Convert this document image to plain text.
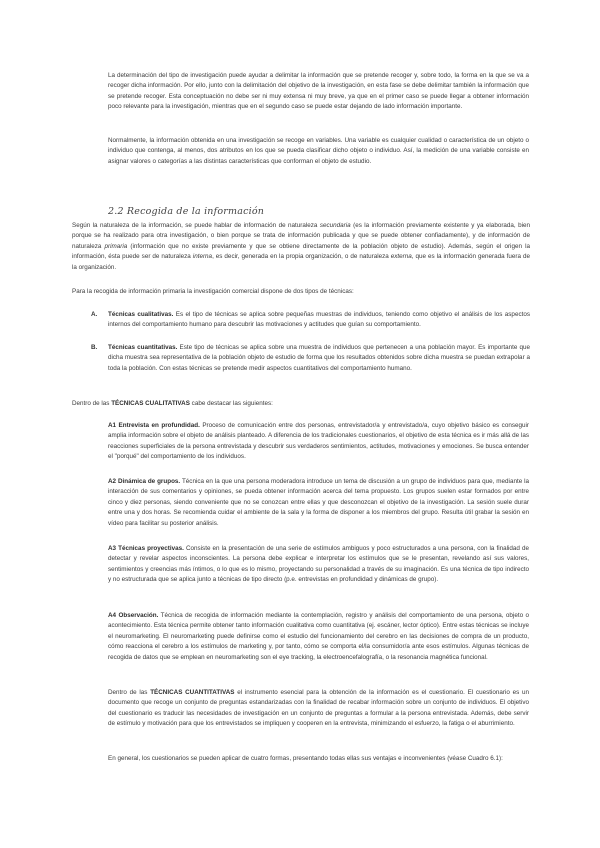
La determinación del tipo de investigación puede ayudar a delimitar la información que se pretende recoger y, sobre todo, la forma en la que se va a recoger dicha información. Por ello, junto con la delimitación del objetivo de la investigación, en esta fase se debe delimitar también la información que se pretende recoger. Esta conceptuación no debe ser ni muy extensa ni muy breve, ya que en el primer caso se puede llegar a obtener información poco relevante para la investigación, mientras que en el segundo caso se puede estar dejando de lado información importante.

Normalmente, la información obtenida en una investigación se recoge en variables. Una variable es cualquier cualidad o característica de un objeto o individuo que contenga, al menos, dos atributos en los que se pueda clasificar dicho objeto o individuo. Así, la medición de una variable consiste en asignar valores o categorías a las distintas características que conforman el objeto de estudio.

2.2 Recogida de la información

Según la naturaleza de la información, se puede hablar de información de naturaleza secundaria (es la información previamente existente y ya elaborada, bien porque se ha realizado para otra investigación, o bien porque se trata de información publicada y que se puede obtener confiadamente), y de información de naturaleza primaria (información que no existe previamente y que se obtiene directamente de la población objeto de estudio). Además, según el origen la información, ésta puede ser de naturaleza interna, es decir, generada en la propia organización, o de naturaleza externa, que es la información generada fuera de la organización.

Para la recogida de información primaria la investigación comercial dispone de dos tipos de técnicas:

A. Técnicas cualitativas. Es el tipo de técnicas se aplica sobre pequeñas muestras de individuos, teniendo como objetivo el análisis de los aspectos internos del comportamiento humano para descubrir las motivaciones y actitudes que guían su comportamiento.

B. Técnicas cuantitativas. Este tipo de técnicas se aplica sobre una muestra de individuos que pertenecen a una población mayor. Es importante que dicha muestra sea representativa de la población objeto de estudio de forma que los resultados obtenidos sobre dicha muestra se puedan extrapolar a toda la población. Con estas técnicas se pretende medir aspectos cuantitativos del comportamiento humano.

Dentro de las TÉCNICAS CUALITATIVAS cabe destacar las siguientes:

A1 Entrevista en profundidad. Proceso de comunicación entre dos personas, entrevistador/a y entrevistado/a, cuyo objetivo básico es conseguir amplia información sobre el objeto de análisis planteado. A diferencia de los tradicionales cuestionarios, el objetivo de esta técnica es ir más allá de las reacciones superficiales de la persona entrevistada y descubrir sus verdaderos sentimientos, actitudes, motivaciones y emociones. Se busca entender el "porqué" del comportamiento de los individuos.

A2 Dinámica de grupos. Técnica en la que una persona moderadora introduce un tema de discusión a un grupo de individuos para que, mediante la interacción de sus comentarios y opiniones, se pueda obtener información acerca del tema propuesto. Los grupos suelen estar formados por entre cinco y diez personas, siendo conveniente que no se conozcan entre ellas y que desconozcan el objetivo de la investigación. La sesión suele durar entre una y dos horas. Se recomienda cuidar el ambiente de la sala y la forma de disponer a los miembros del grupo. Resulta útil grabar la sesión en vídeo para facilitar su posterior análisis.

A3 Técnicas proyectivas. Consiste en la presentación de una serie de estímulos ambiguos y poco estructurados a una persona, con la finalidad de detectar y revelar aspectos inconscientes. La persona debe explicar e interpretar los estímulos que se le presentan, revelando así sus valores, sentimientos y creencias más íntimos, o lo que es lo mismo, proyectando su personalidad a través de su imaginación. Es una técnica de tipo indirecto y no estructurada que se aplica junto a técnicas de tipo directo (p.e. entrevistas en profundidad y dinámicas de grupo).

A4 Observación. Técnica de recogida de información mediante la contemplación, registro y análisis del comportamiento de una persona, objeto o acontecimiento. Esta técnica permite obtener tanto información cualitativa como cuantitativa (ej. escáner, lector óptico). Entre estas técnicas se incluye el neuromarketing. El neuromarketing puede definirse como el estudio del funcionamiento del cerebro en las decisiones de compra de un producto, cómo reacciona el cerebro a los estímulos de marketing y, por tanto, cómo se comporta el/la consumidor/a ante esos estímulos. Algunas técnicas de recogida de datos que se emplean en neuromarketing son el eye tracking, la electroencefalografía, o la resonancia magnética funcional.

Dentro de las TÉCNICAS CUANTITATIVAS el instrumento esencial para la obtención de la información es el cuestionario. El cuestionario es un documento que recoge un conjunto de preguntas estandarizadas con la finalidad de recabar información sobre un conjunto de individuos. El objetivo del cuestionario es traducir las necesidades de investigación en un conjunto de preguntas a formular a la persona entrevistada. Además, debe servir de estímulo y motivación para que los entrevistados se impliquen y cooperen en la entrevista, minimizando el esfuerzo, la fatiga o el aburrimiento.

En general, los cuestionarios se pueden aplicar de cuatro formas, presentando todas ellas sus ventajas e inconvenientes (véase Cuadro 6.1):
